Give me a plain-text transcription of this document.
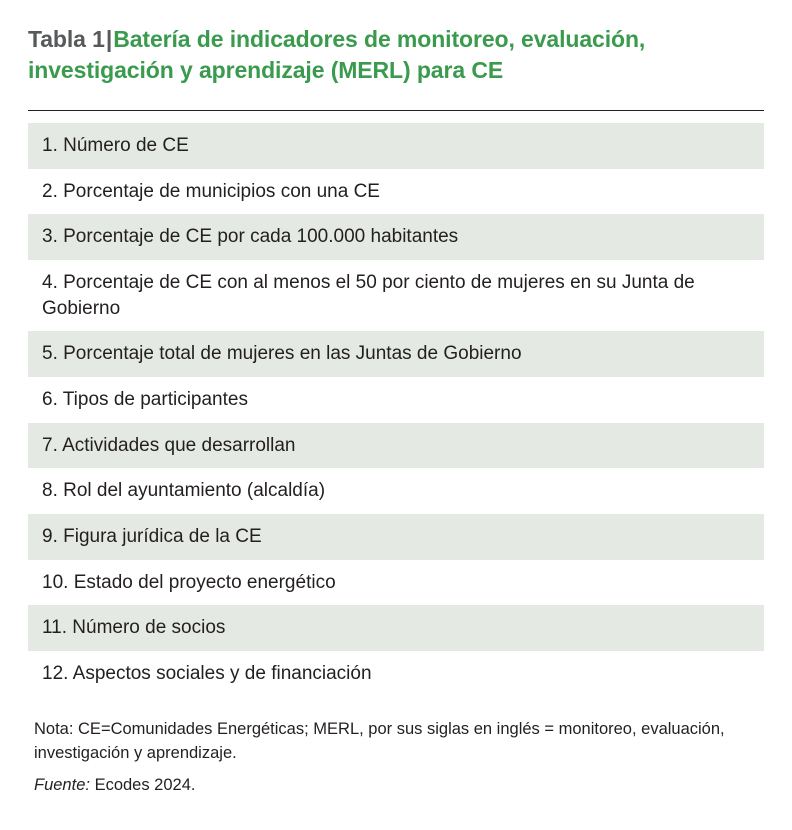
Tabla 1|Batería de indicadores de monitoreo, evaluación, investigación y aprendizaje (MERL) para CE
1. Número de CE
2. Porcentaje de municipios con una CE
3. Porcentaje de CE por cada 100.000 habitantes
4. Porcentaje de CE con al menos el 50 por ciento de mujeres en su Junta de Gobierno
5. Porcentaje total de mujeres en las Juntas de Gobierno
6. Tipos de participantes
7. Actividades que desarrollan
8. Rol del ayuntamiento (alcaldía)
9. Figura jurídica de la CE
10. Estado del proyecto energético
11. Número de socios
12. Aspectos sociales y de financiación
Nota: CE=Comunidades Energéticas; MERL, por sus siglas en inglés = monitoreo, evaluación, investigación y aprendizaje.
Fuente: Ecodes 2024.
